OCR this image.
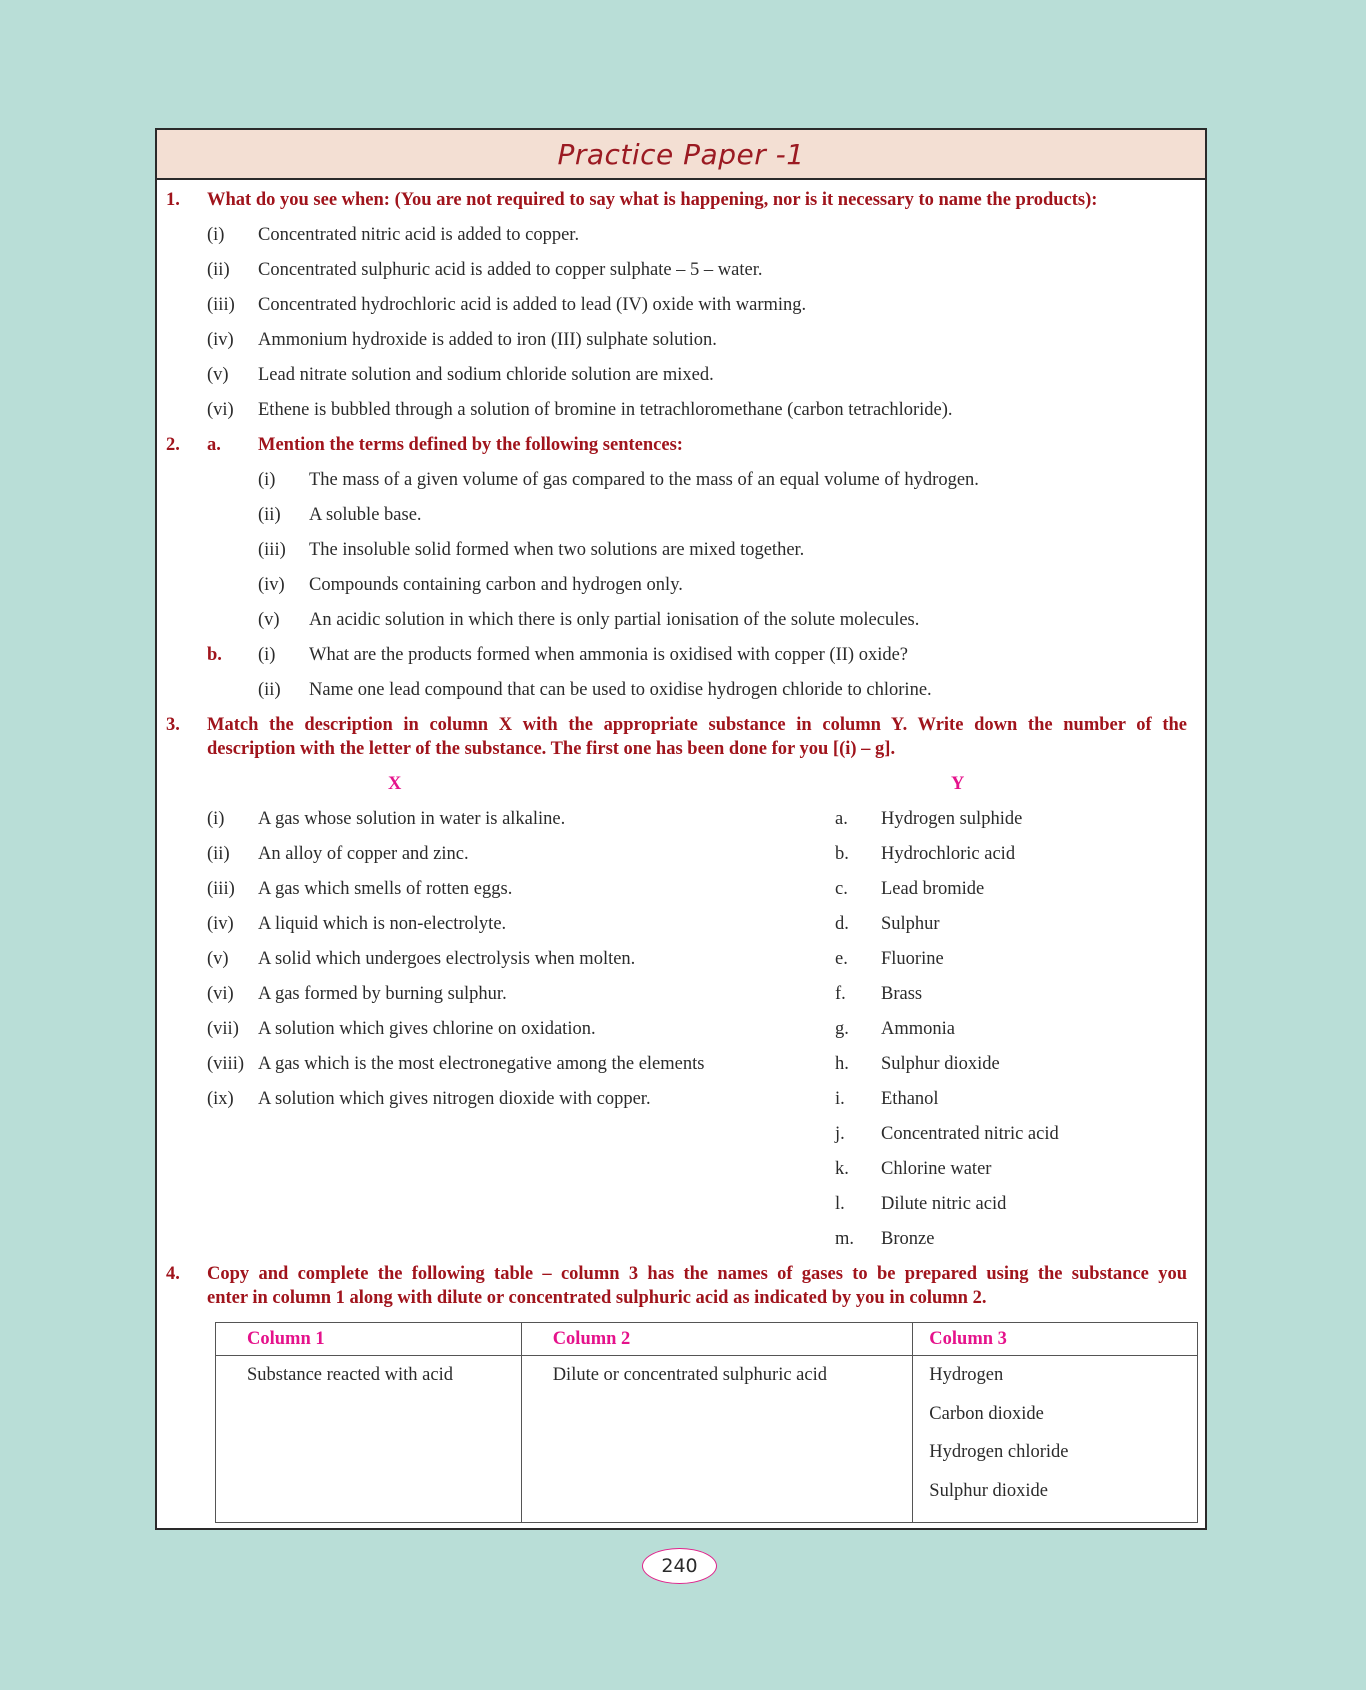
Practice Paper -1
1. What do you see when: (You are not required to say what is happening, nor is it necessary to name the products):
(i) Concentrated nitric acid is added to copper.
(ii) Concentrated sulphuric acid is added to copper sulphate – 5 – water.
(iii) Concentrated hydrochloric acid is added to lead (IV) oxide with warming.
(iv) Ammonium hydroxide is added to iron (III) sulphate solution.
(v) Lead nitrate solution and sodium chloride solution are mixed.
(vi) Ethene is bubbled through a solution of bromine in tetrachloromethane (carbon tetrachloride).
2. a. Mention the terms defined by the following sentences:
(i) The mass of a given volume of gas compared to the mass of an equal volume of hydrogen.
(ii) A soluble base.
(iii) The insoluble solid formed when two solutions are mixed together.
(iv) Compounds containing carbon and hydrogen only.
(v) An acidic solution in which there is only partial ionisation of the solute molecules.
b. (i) What are the products formed when ammonia is oxidised with copper (II) oxide?
(ii) Name one lead compound that can be used to oxidise hydrogen chloride to chlorine.
3. Match the description in column X with the appropriate substance in column Y. Write down the number of the
description with the letter of the substance. The first one has been done for you [(i) – g].
X	Y
(i) A gas whose solution in water is alkaline.
(ii) An alloy of copper and zinc.
(iii) A gas which smells of rotten eggs.
(iv) A liquid which is non-electrolyte.
(v) A solid which undergoes electrolysis when molten.
(vi) A gas formed by burning sulphur.
(vii) A solution which gives chlorine on oxidation.
(viii) A gas which is the most electronegative among the elements
(ix) A solution which gives nitrogen dioxide with copper.
a. Hydrogen sulphide
b. Hydrochloric acid
c. Lead bromide
d. Sulphur
e. Fluorine
f. Brass
g. Ammonia
h. Sulphur dioxide
i. Ethanol
j. Concentrated nitric acid
k. Chlorine water
l. Dilute nitric acid
m. Bronze
4. Copy and complete the following table – column 3 has the names of gases to be prepared using the substance you
enter in column 1 along with dilute or concentrated sulphuric acid as indicated by you in column 2.
Column 1	Column 2	Column 3
Substance reacted with acid	Dilute or concentrated sulphuric acid	Hydrogen
Carbon dioxide
Hydrogen chloride
Sulphur dioxide
240
